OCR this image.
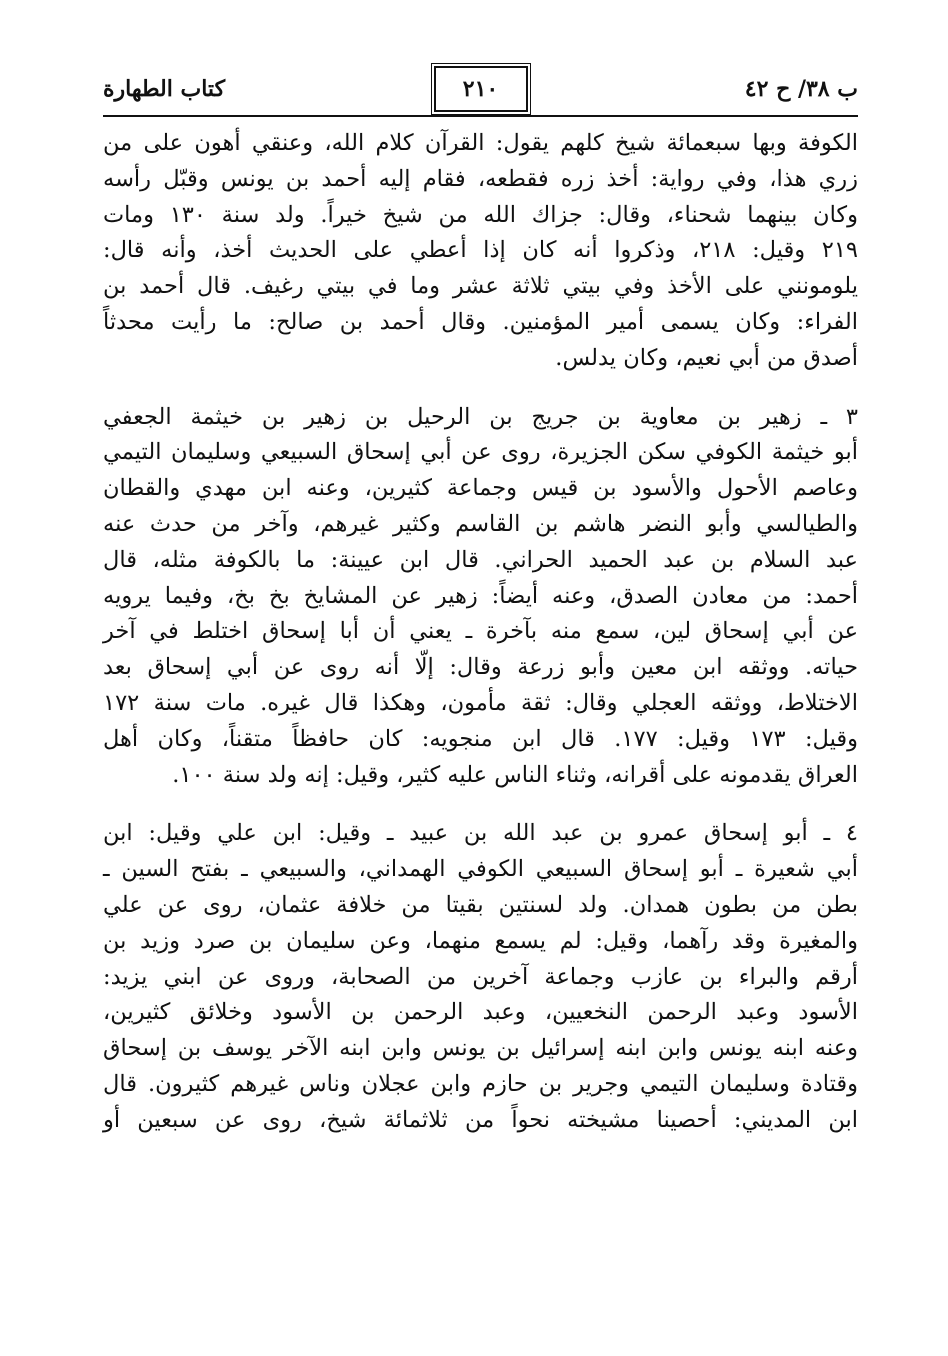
ب ٣٨/ ح ٤٢
٢١٠
كتاب الطهارة

الكوفة وبها سبعمائة شيخ كلهم يقول: القرآن كلام الله، وعنقي أهون على من
زري هذا، وفي رواية: أخذ زره فقطعه، فقام إليه أحمد بن يونس وقبّل رأسه
وكان بينهما شحناء، وقال: جزاك الله من شيخ خيراً. ولد سنة ١٣٠ ومات
٢١٩ وقيل: ٢١٨، وذكروا أنه كان إذا أعطي على الحديث أخذ، وأنه قال:
يلومونني على الأخذ وفي بيتي ثلاثة عشر وما في بيتي رغيف. قال أحمد بن
الفراء: وكان يسمى أمير المؤمنين. وقال أحمد بن صالح: ما رأيت محدثاً
أصدق من أبي نعيم، وكان يدلس.

٣ ـ زهير بن معاوية بن جريج بن الرحيل بن زهير بن خيثمة الجعفي
أبو خيثمة الكوفي سكن الجزيرة، روى عن أبي إسحاق السبيعي وسليمان التيمي
وعاصم الأحول والأسود بن قيس وجماعة كثيرين، وعنه ابن مهدي والقطان
والطيالسي وأبو النضر هاشم بن القاسم وكثير غيرهم، وآخر من حدث عنه
عبد السلام بن عبد الحميد الحراني. قال ابن عيينة: ما بالكوفة مثله، قال
أحمد: من معادن الصدق، وعنه أيضاً: زهير عن المشايخ بخ بخ، وفيما يرويه
عن أبي إسحاق لين، سمع منه بآخرة ـ يعني أن أبا إسحاق اختلط في آخر
حياته. ووثقه ابن معين وأبو زرعة وقال: إلّا أنه روى عن أبي إسحاق بعد
الاختلاط، ووثقه العجلي وقال: ثقة مأمون، وهكذا قال غيره. مات سنة ١٧٢
وقيل: ١٧٣ وقيل: ١٧٧. قال ابن منجويه: كان حافظاً متقناً، وكان أهل
العراق يقدمونه على أقرانه، وثناء الناس عليه كثير، وقيل: إنه ولد سنة ١٠٠.

٤ ـ أبو إسحاق عمرو بن عبد الله بن عبيد ـ وقيل: ابن علي وقيل: ابن
أبي شعيرة ـ أبو إسحاق السبيعي الكوفي الهمداني، والسبيعي ـ بفتح السين ـ
بطن من بطون همدان. ولد لسنتين بقيتا من خلافة عثمان، روى عن علي
والمغيرة وقد رآهما، وقيل: لم يسمع منهما، وعن سليمان بن صرد وزيد بن
أرقم والبراء بن عازب وجماعة آخرين من الصحابة، وروى عن ابني يزيد:
الأسود وعبد الرحمن النخعيين، وعبد الرحمن بن الأسود وخلائق كثيرين،
وعنه ابنه يونس وابن ابنه إسرائيل بن يونس وابن ابنه الآخر يوسف بن إسحاق
وقتادة وسليمان التيمي وجرير بن حازم وابن عجلان وناس غيرهم كثيرون. قال
ابن المديني: أحصينا مشيخته نحواً من ثلاثمائة شيخ، روى عن سبعين أو
